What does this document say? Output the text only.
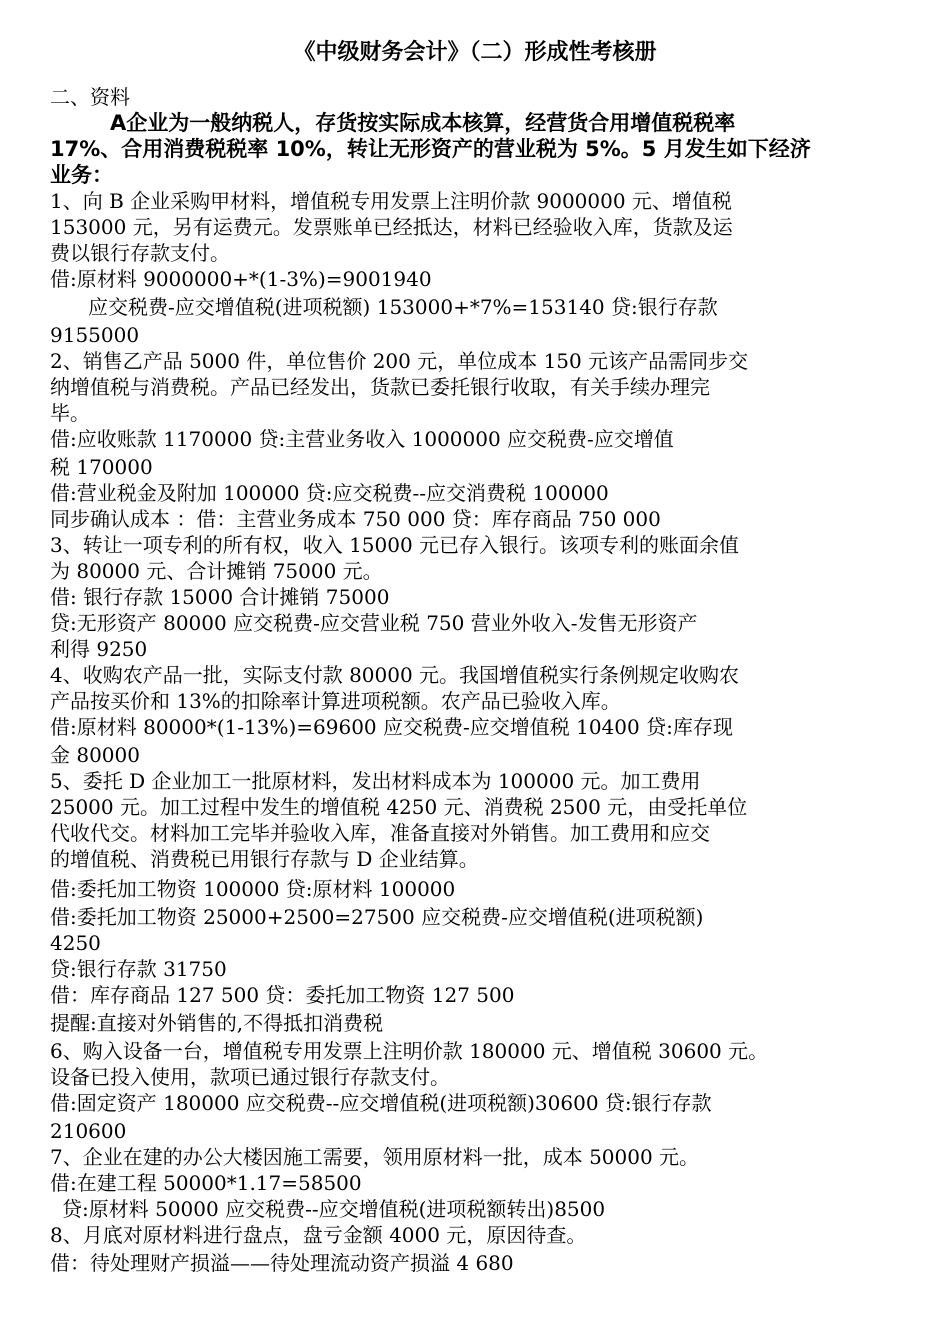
《中级财务会计》（二）形成性考核册
二、资料
A企业为一般纳税人，存货按实际成本核算，经营货合用增值税税率
17%、合用消费税税率 10%，转让无形资产的营业税为 5%。5 月发生如下经济
业务：
1、向 B 企业采购甲材料，增值税专用发票上注明价款 9000000 元、增值税
153000 元，另有运费元。发票账单已经抵达，材料已经验收入库，货款及运
费以银行存款支付。
借:原材料 9000000+*(1-3%)=9001940
应交税费-应交增值税(进项税额) 153000+*7%=153140 贷:银行存款
9155000
2、销售乙产品 5000 件，单位售价 200 元，单位成本 150 元该产品需同步交
纳增值税与消费税。产品已经发出，货款已委托银行收取，有关手续办理完
毕。
借:应收账款 1170000 贷:主营业务收入 1000000 应交税费-应交增值
税 170000
借:营业税金及附加 100000 贷:应交税费--应交消费税 100000
同步确认成本 ：借：主营业务成本 750 000 贷：库存商品 750 000
3、转让一项专利的所有权，收入 15000 元已存入银行。该项专利的账面余值
为 80000 元、合计摊销 75000 元。
借: 银行存款 15000 合计摊销 75000
贷:无形资产 80000 应交税费-应交营业税 750 营业外收入-发售无形资产
利得 9250
4、收购农产品一批，实际支付款 80000 元。我国增值税实行条例规定收购农
产品按买价和 13%的扣除率计算进项税额。农产品已验收入库。
借:原材料 80000*(1-13%)=69600 应交税费-应交增值税 10400 贷:库存现
金 80000
5、委托 D 企业加工一批原材料，发出材料成本为 100000 元。加工费用
25000 元。加工过程中发生的增值税 4250 元、消费税 2500 元，由受托单位
代收代交。材料加工完毕并验收入库，准备直接对外销售。加工费用和应交
的增值税、消费税已用银行存款与 D 企业结算。
借:委托加工物资 100000 贷:原材料 100000
借:委托加工物资 25000+2500=27500 应交税费-应交增值税(进项税额)
4250
贷:银行存款 31750
借：库存商品 127 500 贷：委托加工物资 127 500
提醒:直接对外销售的,不得抵扣消费税
6、购入设备一台，增值税专用发票上注明价款 180000 元、增值税 30600 元。
设备已投入使用，款项已通过银行存款支付。
借:固定资产 180000 应交税费--应交增值税(进项税额)30600 贷:银行存款
210600
7、企业在建的办公大楼因施工需要，领用原材料一批，成本 50000 元。
借:在建工程 50000*1.17=58500
贷:原材料 50000 应交税费--应交增值税(进项税额转出)8500
8、月底对原材料进行盘点，盘亏金额 4000 元，原因待查。
借：待处理财产损溢——待处理流动资产损溢 4 680
